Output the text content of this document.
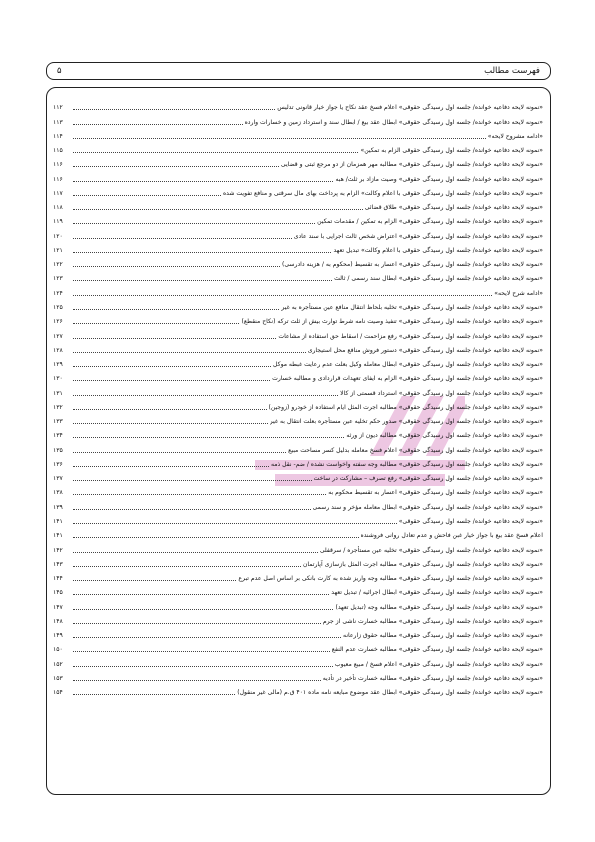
فهرست مطالب
۵
«نمونه لایحه دفاعیه خوانده/ جلسه اول رسیدگی حقوقی» اعلام فسخ عقد نکاح یا جواز خیار قانونی تدلیس
۱۱۲
«نمونه لایحه دفاعیه خوانده/ جلسه اول رسیدگی حقوقی» ابطال عقد بیع / ابطال سند و استرداد زمین و خسارات وارده
۱۱۳
«ادامه مشروح لایحه»
۱۱۴
«نمونه لایحه دفاعیه خوانده/ جلسه اول رسیدگی حقوقی الزام به تمکین»
۱۱۵
«نمونه لایحه دفاعیه خوانده/ جلسه اول رسیدگی حقوقی» مطالبه مهر همزمان از دو مرجع ثبتی و قضایی
۱۱۶
«نمونه لایحه دفاعیه خوانده/ جلسه اول رسیدگی حقوقی» وصیت مازاد بر ثلث/ هبه
۱۱۶
«نمونه لایحه دفاعیه خوانده/ جلسه اول رسیدگی حقوقی با اعلام وکالت» الزام به پرداخت بهای مال سرقتی و منافع تفویت شده
۱۱۷
«نمونه لایحه دفاعیه خوانده/ جلسه اول رسیدگی حقوقی» طلاق قضائی
۱۱۸
«نمونه لایحه دفاعیه خوانده/ جلسه اول رسیدگی حقوقی» الزام به تمکین / مقدمات تمکین
۱۱۹
«نمونه لایحه دفاعیه خوانده/ جلسه اول رسیدگی حقوقی» اعتراض شخص ثالث اجرایی با سند عادی
۱۲۰
«نمونه لایحه دفاعیه خوانده/ جلسه اول رسیدگی حقوقی با اعلام وکالت» تبدیل تعهد
۱۲۱
«نمونه لایحه دفاعیه خوانده/ جلسه اول رسیدگی حقوقی» اعسار به تقسیط (محکوم به / هزینه دادرسی)
۱۲۲
«نمونه لایحه دفاعیه خوانده/ جلسه اول رسیدگی حقوقی» ابطال سند رسمی / ثالث
۱۲۳
«ادامه شرح لایحه»
۱۲۴
«نمونه لایحه دفاعیه خوانده/ جلسه اول رسیدگی حقوقی» تخلیه بلحاظ انتقال منافع عین مستأجره به غیر
۱۲۵
«نمونه لایحه دفاعیه خوانده/ جلسه اول رسیدگی حقوقی» تنفیذ وصیت نامه شرط توارث بیش از ثلث ترکه (نکاح منقطع)
۱۲۶
«نمونه لایحه دفاعیه خوانده/ جلسه اول رسیدگی حقوقی» رفع مزاحمت / اسقاط حق استفاده از مشاعات
۱۲۷
«نمونه لایحه دفاعیه خوانده/ جلسه اول رسیدگی حقوقی» دستور فروش منافع محل استیجاری
۱۲۸
«نمونه لایحه دفاعیه خوانده/ جلسه اول رسیدگی حقوقی» ابطال معامله وکیل بعلت عدم رعایت غبطه موکل
۱۲۹
«نمونه لایحه دفاعیه خوانده/ جلسه اول رسیدگی حقوقی» الزام به ایفای تعهدات قراردادی و مطالبه خسارت
۱۳۰
«نمونه لایحه دفاعیه خوانده/ جلسه اول رسیدگی حقوقی» استرداد قسمتی از کالا
۱۳۱
«نمونه لایحه دفاعیه خوانده/ جلسه اول رسیدگی حقوقی» مطالبه اجرت المثل ایام استفاده از خودرو (زوجین)
۱۳۲
«نمونه لایحه دفاعیه خوانده/ جلسه اول رسیدگی حقوقی» صدور حکم تخلیه عین مستأجره بعلت انتقال به غیر
۱۳۳
«نمونه لایحه دفاعیه خوانده/ جلسه اول رسیدگی حقوقی» مطالبه دیون از ورثه
۱۳۴
«نمونه لایحه دفاعیه خوانده/ جلسه اول رسیدگی حقوقی» اعلام فسخ معامله بدلیل کسر مساحت مبیع
۱۳۵
«نمونه لایحه دفاعیه خوانده/ جلسه اول رسیدگی حقوقی» مطالبه وجه سفته واخواست نشده / ضم- نقل ذمه
۱۳۶
«نمونه لایحه دفاعیه خوانده/ جلسه اول رسیدگی حقوقی» رفع تصرف – مشارکت در ساخت
۱۳۷
«نمونه لایحه دفاعیه خوانده/ جلسه اول رسیدگی حقوقی» اعسار به تقسیط محکوم به
۱۳۸
«نمونه لایحه دفاعیه خوانده/ جلسه اول رسیدگی حقوقی» ابطال معامله مؤخر و سند رسمی
۱۳۹
«نمونه لایحه دفاعیه خوانده/ جلسه اول رسیدگی حقوقی»
۱۴۱
اعلام فسخ عقد بیع با جواز خیار غبن فاحش و عدم تعادل روانی فروشنده
۱۴۱
«نمونه لایحه دفاعیه خوانده/ جلسه اول رسیدگی حقوقی» تخلیه عین مستأجره / سرقفلی
۱۴۲
«نمونه لایحه دفاعیه خوانده/ جلسه اول رسیدگی حقوقی» مطالبه اجرت المثل بازسازی آپارتمان
۱۴۳
«نمونه لایحه دفاعیه خوانده/ جلسه اول رسیدگی حقوقی» مطالبه وجه واریز شده به کارت بانکی بر اساس اصل عدم تبرع
۱۴۴
«نمونه لایحه دفاعیه خوانده/ جلسه اول رسیدگی حقوقی» ابطال اجرائیه / تبدیل تعهد
۱۴۵
«نمونه لایحه دفاعیه خوانده/ جلسه اول رسیدگی حقوقی» مطالبه وجه (تبدیل تعهد)
۱۴۷
«نمونه لایحه دفاعیه خوانده/ جلسه اول رسیدگی حقوقی» مطالبه خسارت ناشی از جرم
۱۴۸
«نمونه لایحه دفاعیه خوانده/ جلسه اول رسیدگی حقوقی» مطالبه حقوق زارعانه
۱۴۹
«نمونه لایحه دفاعیه خوانده/ جلسه اول رسیدگی حقوقی» مطالبه خسارت عدم النفع
۱۵۰
«نمونه لایحه دفاعیه خوانده/ جلسه اول رسیدگی حقوقی» اعلام فسخ / مبیع معیوب
۱۵۲
«نمونه لایحه دفاعیه خوانده/ جلسه اول رسیدگی حقوقی» مطالبه خسارت تأخیر در تأدیه
۱۵۳
«نمونه لایحه دفاعیه خوانده/ جلسه اول رسیدگی حقوقی» ابطال عقد موضوع مبایعه نامه ماده ۴۰۱ ق.م (مالی غیر منقول)
۱۵۴
